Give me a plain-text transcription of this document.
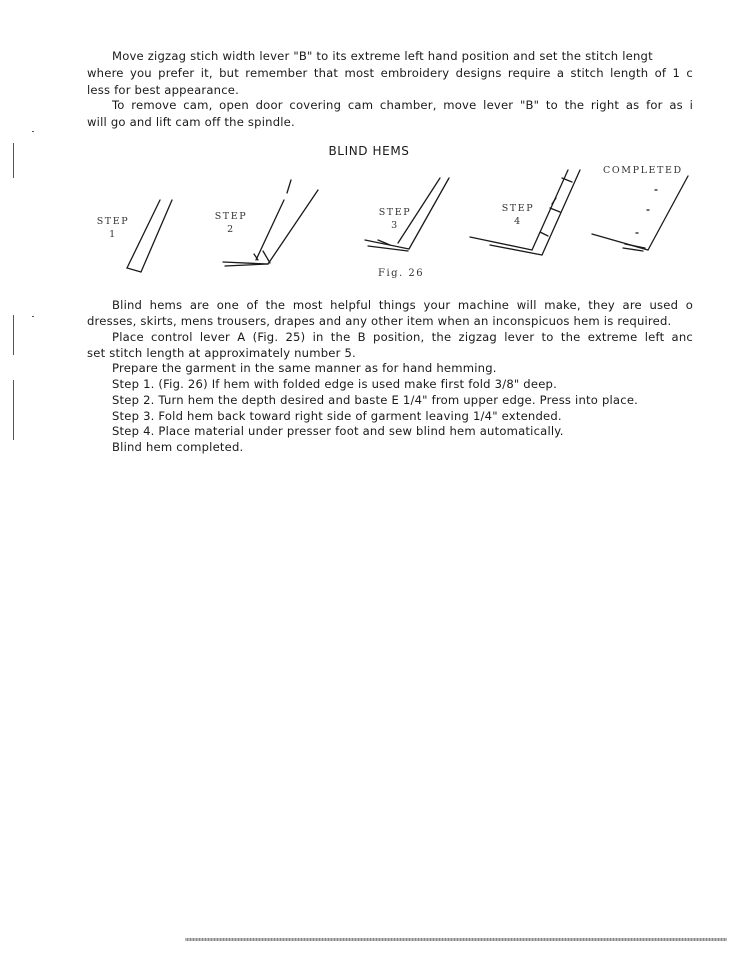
Move zigzag stich width lever "B" to its extreme left hand position and set the stitch lengt
where you prefer it, but remember that most embroidery designs require a stitch length of 1 c
less for best appearance.
To remove cam, open door covering cam chamber, move lever "B" to the right as for as i
will go and lift cam off the spindle.
BLIND HEMS
STEP
1
STEP
2
STEP
3
STEP
4
COMPLETED
Fig. 26
Blind hems are one of the most helpful things your machine will make, they are used o
dresses, skirts, mens trousers, drapes and any other item when an inconspicuos hem is required.
Place control lever A (Fig. 25) in the B position, the zigzag lever to the extreme left anc
set stitch length at approximately number 5.
Prepare the garment in the same manner as for hand hemming.
Step 1. (Fig. 26) If hem with folded edge is used make first fold 3/8" deep.
Step 2. Turn hem the depth desired and baste E 1/4" from upper edge. Press into place.
Step 3. Fold hem back toward right side of garment leaving 1/4" extended.
Step 4. Place material under presser foot and sew blind hem automatically.
Blind hem completed.
